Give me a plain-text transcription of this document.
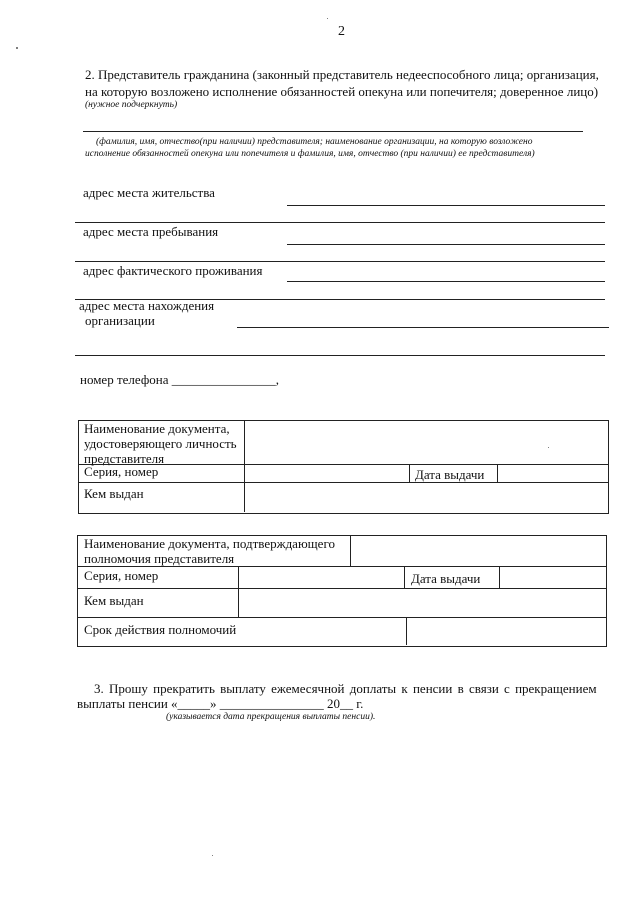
2
2. Представитель гражданина (законный представитель недееспособного лица; организация,
на которую возложено исполнение обязанностей опекуна или попечителя; доверенное лицо)
(нужное подчеркнуть)
(фамилия, имя, отчество(при наличии) представителя; наименование организации, на которую возложено
исполнение обязанностей опекуна или попечителя и фамилия, имя, отчество (при наличии) ее представителя)
адрес места жительства
адрес места пребывания
адрес фактического проживания
адрес места нахождения
организации
номер телефона ________________,
Наименование документа, удостоверяющего личность представителя
Серия, номер	Дата выдачи
Кем выдан
Наименование документа, подтверждающего полномочия представителя
Серия, номер	Дата выдачи
Кем выдан
Срок действия полномочий
3. Прошу прекратить выплату ежемесячной доплаты к пенсии в связи с прекращением
выплаты пенсии «_____» ________________ 20__ г.
(указывается дата прекращения выплаты пенсии).
